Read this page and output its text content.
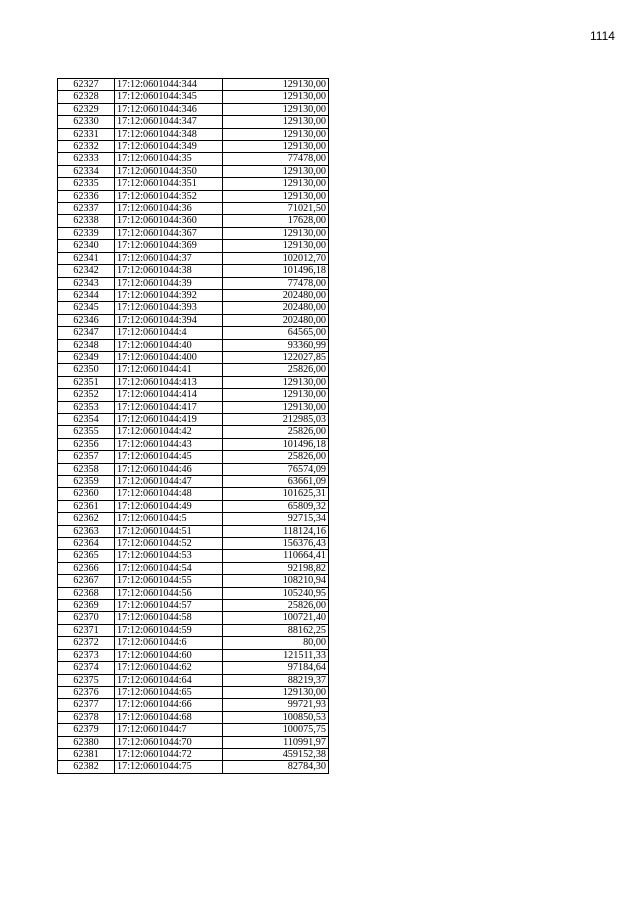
1114
62327	17:12:0601044:344	129130,00
62328	17:12:0601044:345	129130,00
62329	17:12:0601044:346	129130,00
62330	17:12:0601044:347	129130,00
62331	17:12:0601044:348	129130,00
62332	17:12:0601044:349	129130,00
62333	17:12:0601044:35	77478,00
62334	17:12:0601044:350	129130,00
62335	17:12:0601044:351	129130,00
62336	17:12:0601044:352	129130,00
62337	17:12:0601044:36	71021,50
62338	17:12:0601044:360	17628,00
62339	17:12:0601044:367	129130,00
62340	17:12:0601044:369	129130,00
62341	17:12:0601044:37	102012,70
62342	17:12:0601044:38	101496,18
62343	17:12:0601044:39	77478,00
62344	17:12:0601044:392	202480,00
62345	17:12:0601044:393	202480,00
62346	17:12:0601044:394	202480,00
62347	17:12:0601044:4	64565,00
62348	17:12:0601044:40	93360,99
62349	17:12:0601044:400	122027,85
62350	17:12:0601044:41	25826,00
62351	17:12:0601044:413	129130,00
62352	17:12:0601044:414	129130,00
62353	17:12:0601044:417	129130,00
62354	17:12:0601044:419	212985,03
62355	17:12:0601044:42	25826,00
62356	17:12:0601044:43	101496,18
62357	17:12:0601044:45	25826,00
62358	17:12:0601044:46	76574,09
62359	17:12:0601044:47	63661,09
62360	17:12:0601044:48	101625,31
62361	17:12:0601044:49	65809,32
62362	17:12:0601044:5	92715,34
62363	17:12:0601044:51	118124,16
62364	17:12:0601044:52	156376,43
62365	17:12:0601044:53	110664,41
62366	17:12:0601044:54	92198,82
62367	17:12:0601044:55	108210,94
62368	17:12:0601044:56	105240,95
62369	17:12:0601044:57	25826,00
62370	17:12:0601044:58	100721,40
62371	17:12:0601044:59	88162,25
62372	17:12:0601044:6	80,00
62373	17:12:0601044:60	121511,33
62374	17:12:0601044:62	97184,64
62375	17:12:0601044:64	88219,37
62376	17:12:0601044:65	129130,00
62377	17:12:0601044:66	99721,93
62378	17:12:0601044:68	100850,53
62379	17:12:0601044:7	100075,75
62380	17:12:0601044:70	110991,97
62381	17:12:0601044:72	459152,38
62382	17:12:0601044:75	82784,30
